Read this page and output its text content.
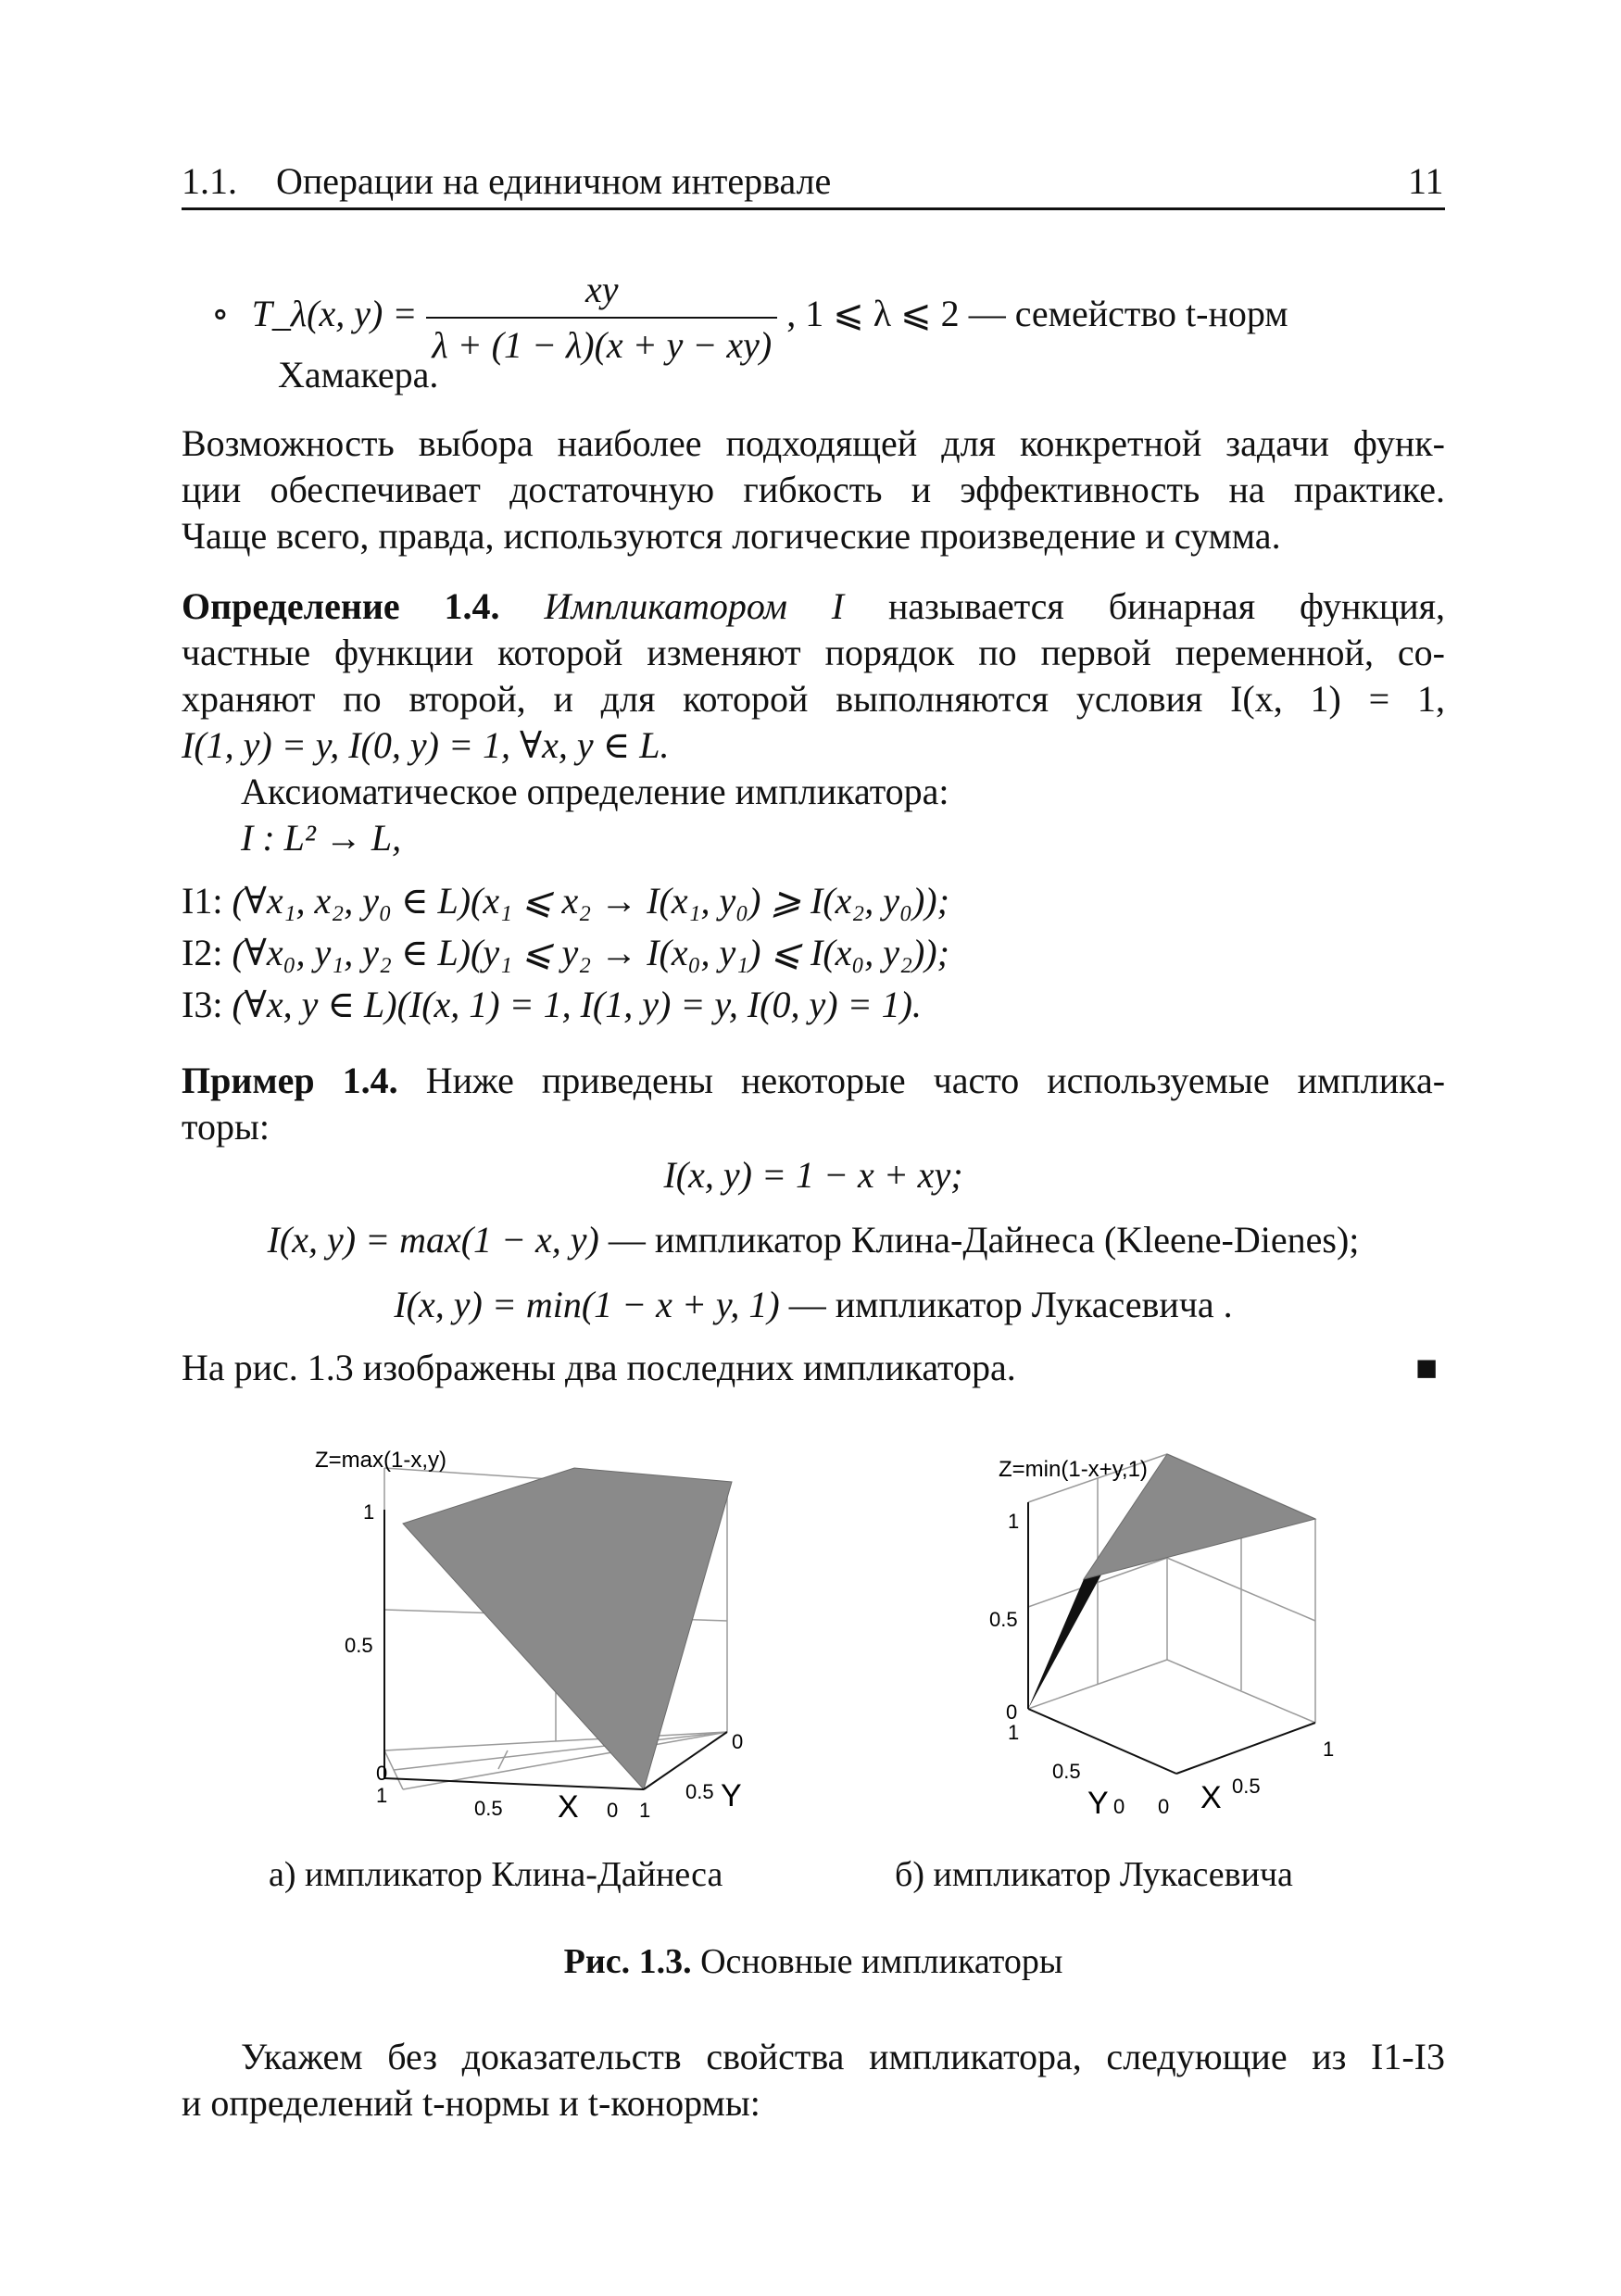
1.1. Операции на единичном интервале	11
∘ T_λ(x, $y) = \frac{xy}{\lambda + (1 - \lambda)(x + y - xy)}$ , 1 ⩽ λ ⩽ 2 — семейство t-норм
Хамакера.
Возможность выбора наиболее подходящей для конкретной задачи функ-
ции обеспечивает достаточную гибкость и эффективность на практике.
Чаще всего, правда, используются логические произведение и сумма.
Определение 1.4. Импликатором I называется бинарная функция,
частные функции которой изменяют порядок по первой переменной, со-
храняют по второй, и для которой выполняются условия I(x, 1) = 1,
I(1, y) = y, I(0, y) = 1, ∀x, y ∈ L.
Аксиоматическое определение импликатора:
I : L² → L,
I1: (∀x₁, x₂, y₀ ∈ L)(x₁ ⩽ x₂ → I(x₁, y₀) ⩾ I(x₂, y₀));
I2: (∀x₀, y₁, y₂ ∈ L)(y₁ ⩽ y₂ → I(x₀, y₁) ⩽ I(x₀, y₂));
I3: (∀x, y ∈ L)(I(x, 1) = 1, I(1, y) = y, I(0, y) = 1).
Пример 1.4. Ниже приведены некоторые часто используемые имплика-
торы:
I(x, y) = 1 − x + xy;
I(x, y) = max(1 − x, y) — импликатор Клина-Дайнеса (Kleene-Dienes);
I(x, y) = min(1 − x + y, 1) — импликатор Лукасевича .
На рис. 1.3 изображены два последних импликатора.	■
Z=max(1-x,y)
1
0.5
0
1
0.5	0
X
0
0.5
1 Y
Z=min(1-x+y,1)
1
0.5
0
1
0.5
0
Y 0
0.5
1
X
а) импликатор Клина-Дайнеса	б) импликатор Лукасевича
Рис. 1.3. Основные импликаторы
Укажем без доказательств свойства импликатора, следующие из I1-I3
и определений t-нормы и t-конормы:
